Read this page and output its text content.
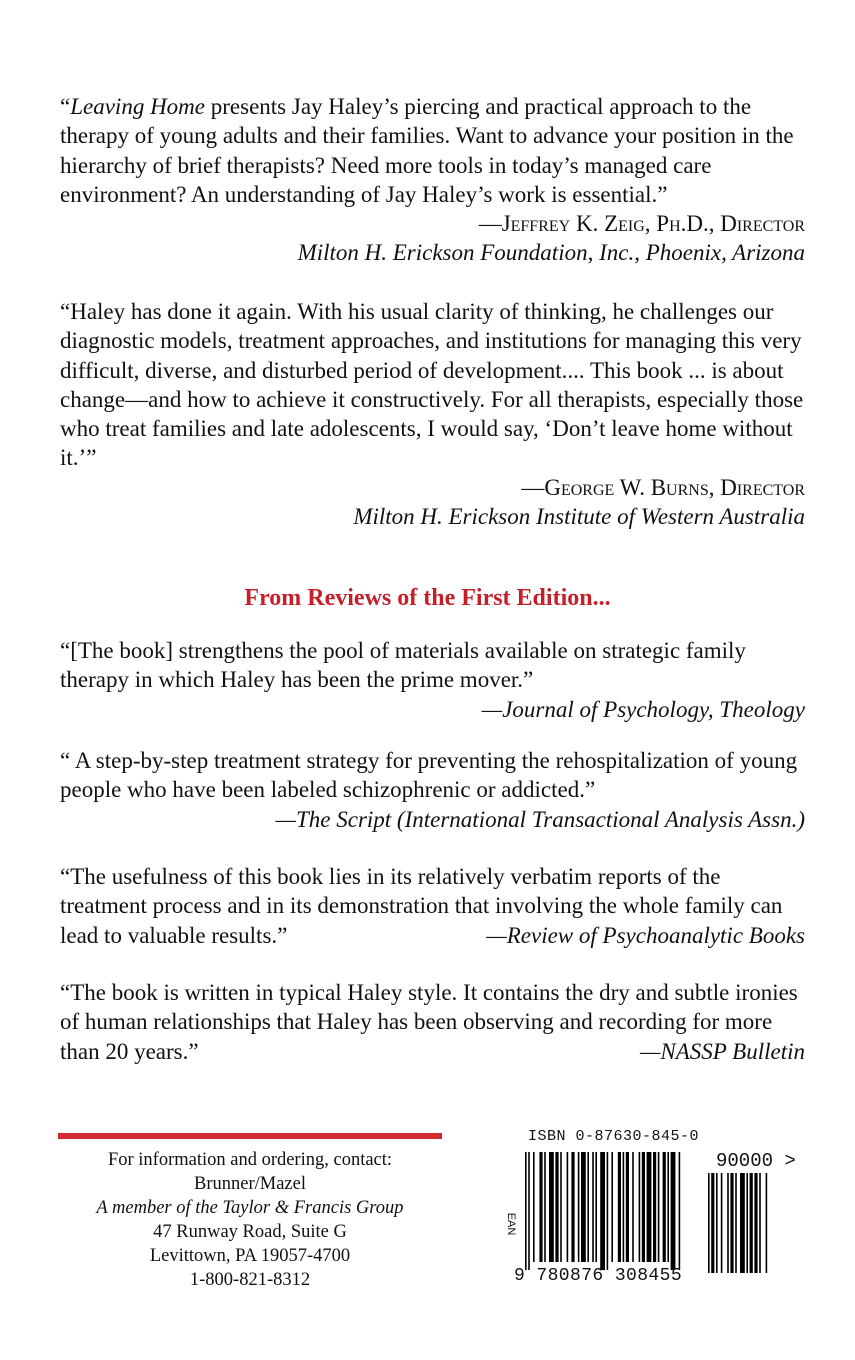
“Leaving Home presents Jay Haley’s piercing and practical approach to the therapy of young adults and their families. Want to advance your position in the hierarchy of brief therapists? Need more tools in today’s managed care environment? An understanding of Jay Haley’s work is essential.”

—Jeffrey K. Zeig, Ph.D., Director
Milton H. Erickson Foundation, Inc., Phoenix, Arizona

“Haley has done it again. With his usual clarity of thinking, he challenges our diagnostic models, treatment approaches, and institutions for managing this very difficult, diverse, and disturbed period of development.... This book ... is about change—and how to achieve it constructively. For all therapists, especially those who treat families and late adolescents, I would say, ‘Don’t leave home without it.’”

—George W. Burns, Director
Milton H. Erickson Institute of Western Australia
From Reviews of the First Edition...

“[The book] strengthens the pool of materials available on strategic family therapy in which Haley has been the prime mover.”

—Journal of Psychology, Theology

“ A step-by-step treatment strategy for preventing the rehospitalization of young people who have been labeled schizophrenic or addicted.”

—The Script (International Transactional Analysis Assn.)

“The usefulness of this book lies in its relatively verbatim reports of the treatment process and in its demonstration that involving the whole family can lead to valuable results.”	—Review of Psychoanalytic Books

“The book is written in typical Haley style. It contains the dry and subtle ironies of human relationships that Haley has been observing and recording for more than 20 years.”	—NASSP Bulletin

For information and ordering, contact:
Brunner/Mazel
A member of the Taylor & Francis Group
47 Runway Road, Suite G
Levittown, PA 19057-4700
1-800-821-8312
ISBN 0-87630-845-0
EAN
90000 >
9 780876 308455
